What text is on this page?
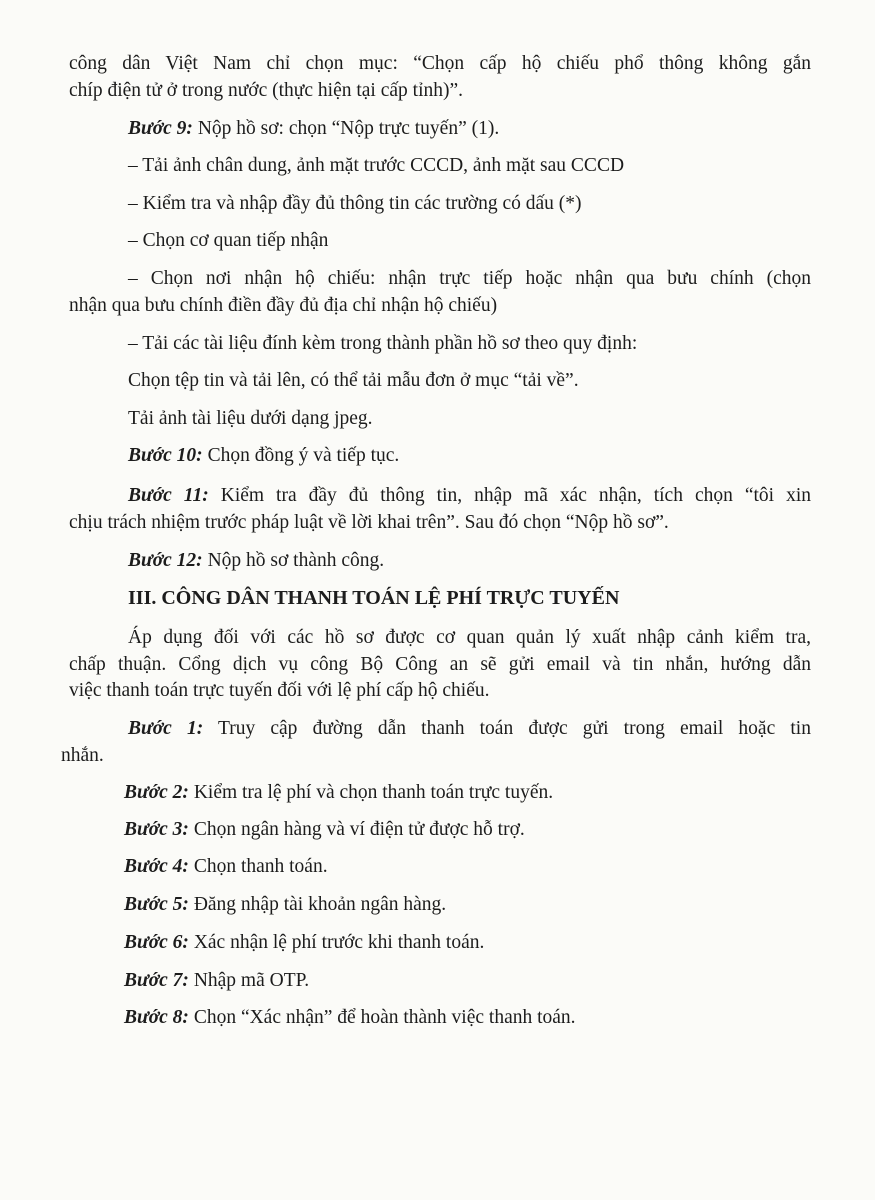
công dân Việt Nam chỉ chọn mục: “Chọn cấp hộ chiếu phổ thông không gắn
chíp điện tử ở trong nước (thực hiện tại cấp tỉnh)”.
Bước 9: Nộp hồ sơ: chọn “Nộp trực tuyến” (1).
– Tải ảnh chân dung, ảnh mặt trước CCCD, ảnh mặt sau CCCD
– Kiểm tra và nhập đầy đủ thông tin các trường có dấu (*)
– Chọn cơ quan tiếp nhận
– Chọn nơi nhận hộ chiếu: nhận trực tiếp hoặc nhận qua bưu chính (chọn
nhận qua bưu chính điền đầy đủ địa chỉ nhận hộ chiếu)
– Tải các tài liệu đính kèm trong thành phần hồ sơ theo quy định:
Chọn tệp tin và tải lên, có thể tải mẫu đơn ở mục “tải về”.
Tải ảnh tài liệu dưới dạng jpeg.
Bước 10: Chọn đồng ý và tiếp tục.
Bước 11: Kiểm tra đầy đủ thông tin, nhập mã xác nhận, tích chọn “tôi xin
chịu trách nhiệm trước pháp luật về lời khai trên”. Sau đó chọn “Nộp hồ sơ”.
Bước 12: Nộp hồ sơ thành công.
III. CÔNG DÂN THANH TOÁN LỆ PHÍ TRỰC TUYẾN
Áp dụng đối với các hồ sơ được cơ quan quản lý xuất nhập cảnh kiểm tra,
chấp thuận. Cổng dịch vụ công Bộ Công an sẽ gửi email và tin nhắn, hướng dẫn
việc thanh toán trực tuyến đối với lệ phí cấp hộ chiếu.
Bước 1: Truy cập đường dẫn thanh toán được gửi trong email hoặc tin
nhắn.
Bước 2: Kiểm tra lệ phí và chọn thanh toán trực tuyến.
Bước 3: Chọn ngân hàng và ví điện tử được hỗ trợ.
Bước 4: Chọn thanh toán.
Bước 5: Đăng nhập tài khoản ngân hàng.
Bước 6: Xác nhận lệ phí trước khi thanh toán.
Bước 7: Nhập mã OTP.
Bước 8: Chọn “Xác nhận” để hoàn thành việc thanh toán.
